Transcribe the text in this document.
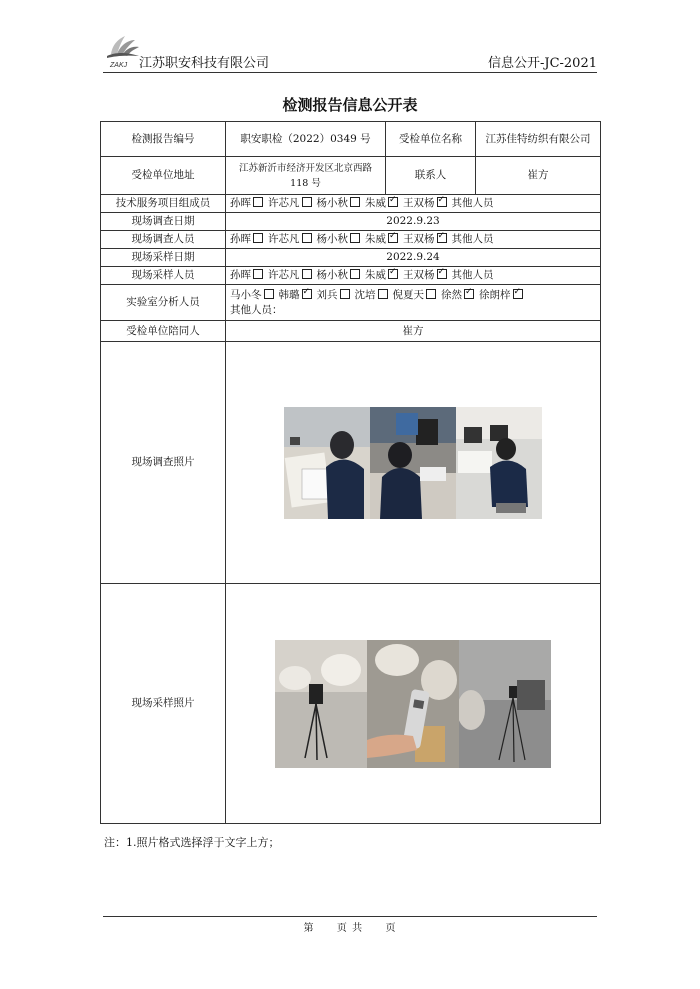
ZAKJ 江苏职安科技有限公司	信息公开-JC-2021
检测报告信息公开表
检测报告编号	职安职检（2022）0349 号	受检单位名称	江苏佳特纺织有限公司
受检单位地址	江苏新沂市经济开发区北京西路 118 号	联系人	崔方
技术服务项目组成员	孙晖 许芯凡 杨小秋 朱威 ✓ 王双杨 ✓ 其他人员
现场调查日期	2022.9.23		
现场调查人员	孙晖 许芯凡 杨小秋 朱威 ✓ 王双杨 ✓ 其他人员
现场采样日期	2022.9.24		
现场采样人员	孙晖 许芯凡 杨小秋 朱威 ✓ 王双杨 ✓ 其他人员
实验室分析人员	马小冬 韩璐 ✓ 刘兵 沈培 倪夏天 徐然 ✓ 徐朗梓✓
其他人员：

受检单位陪同人	崔方		
现场调查照片	

现场采样照片	
注：1.照片格式选择浮于文字上方；
第 页 共 页
